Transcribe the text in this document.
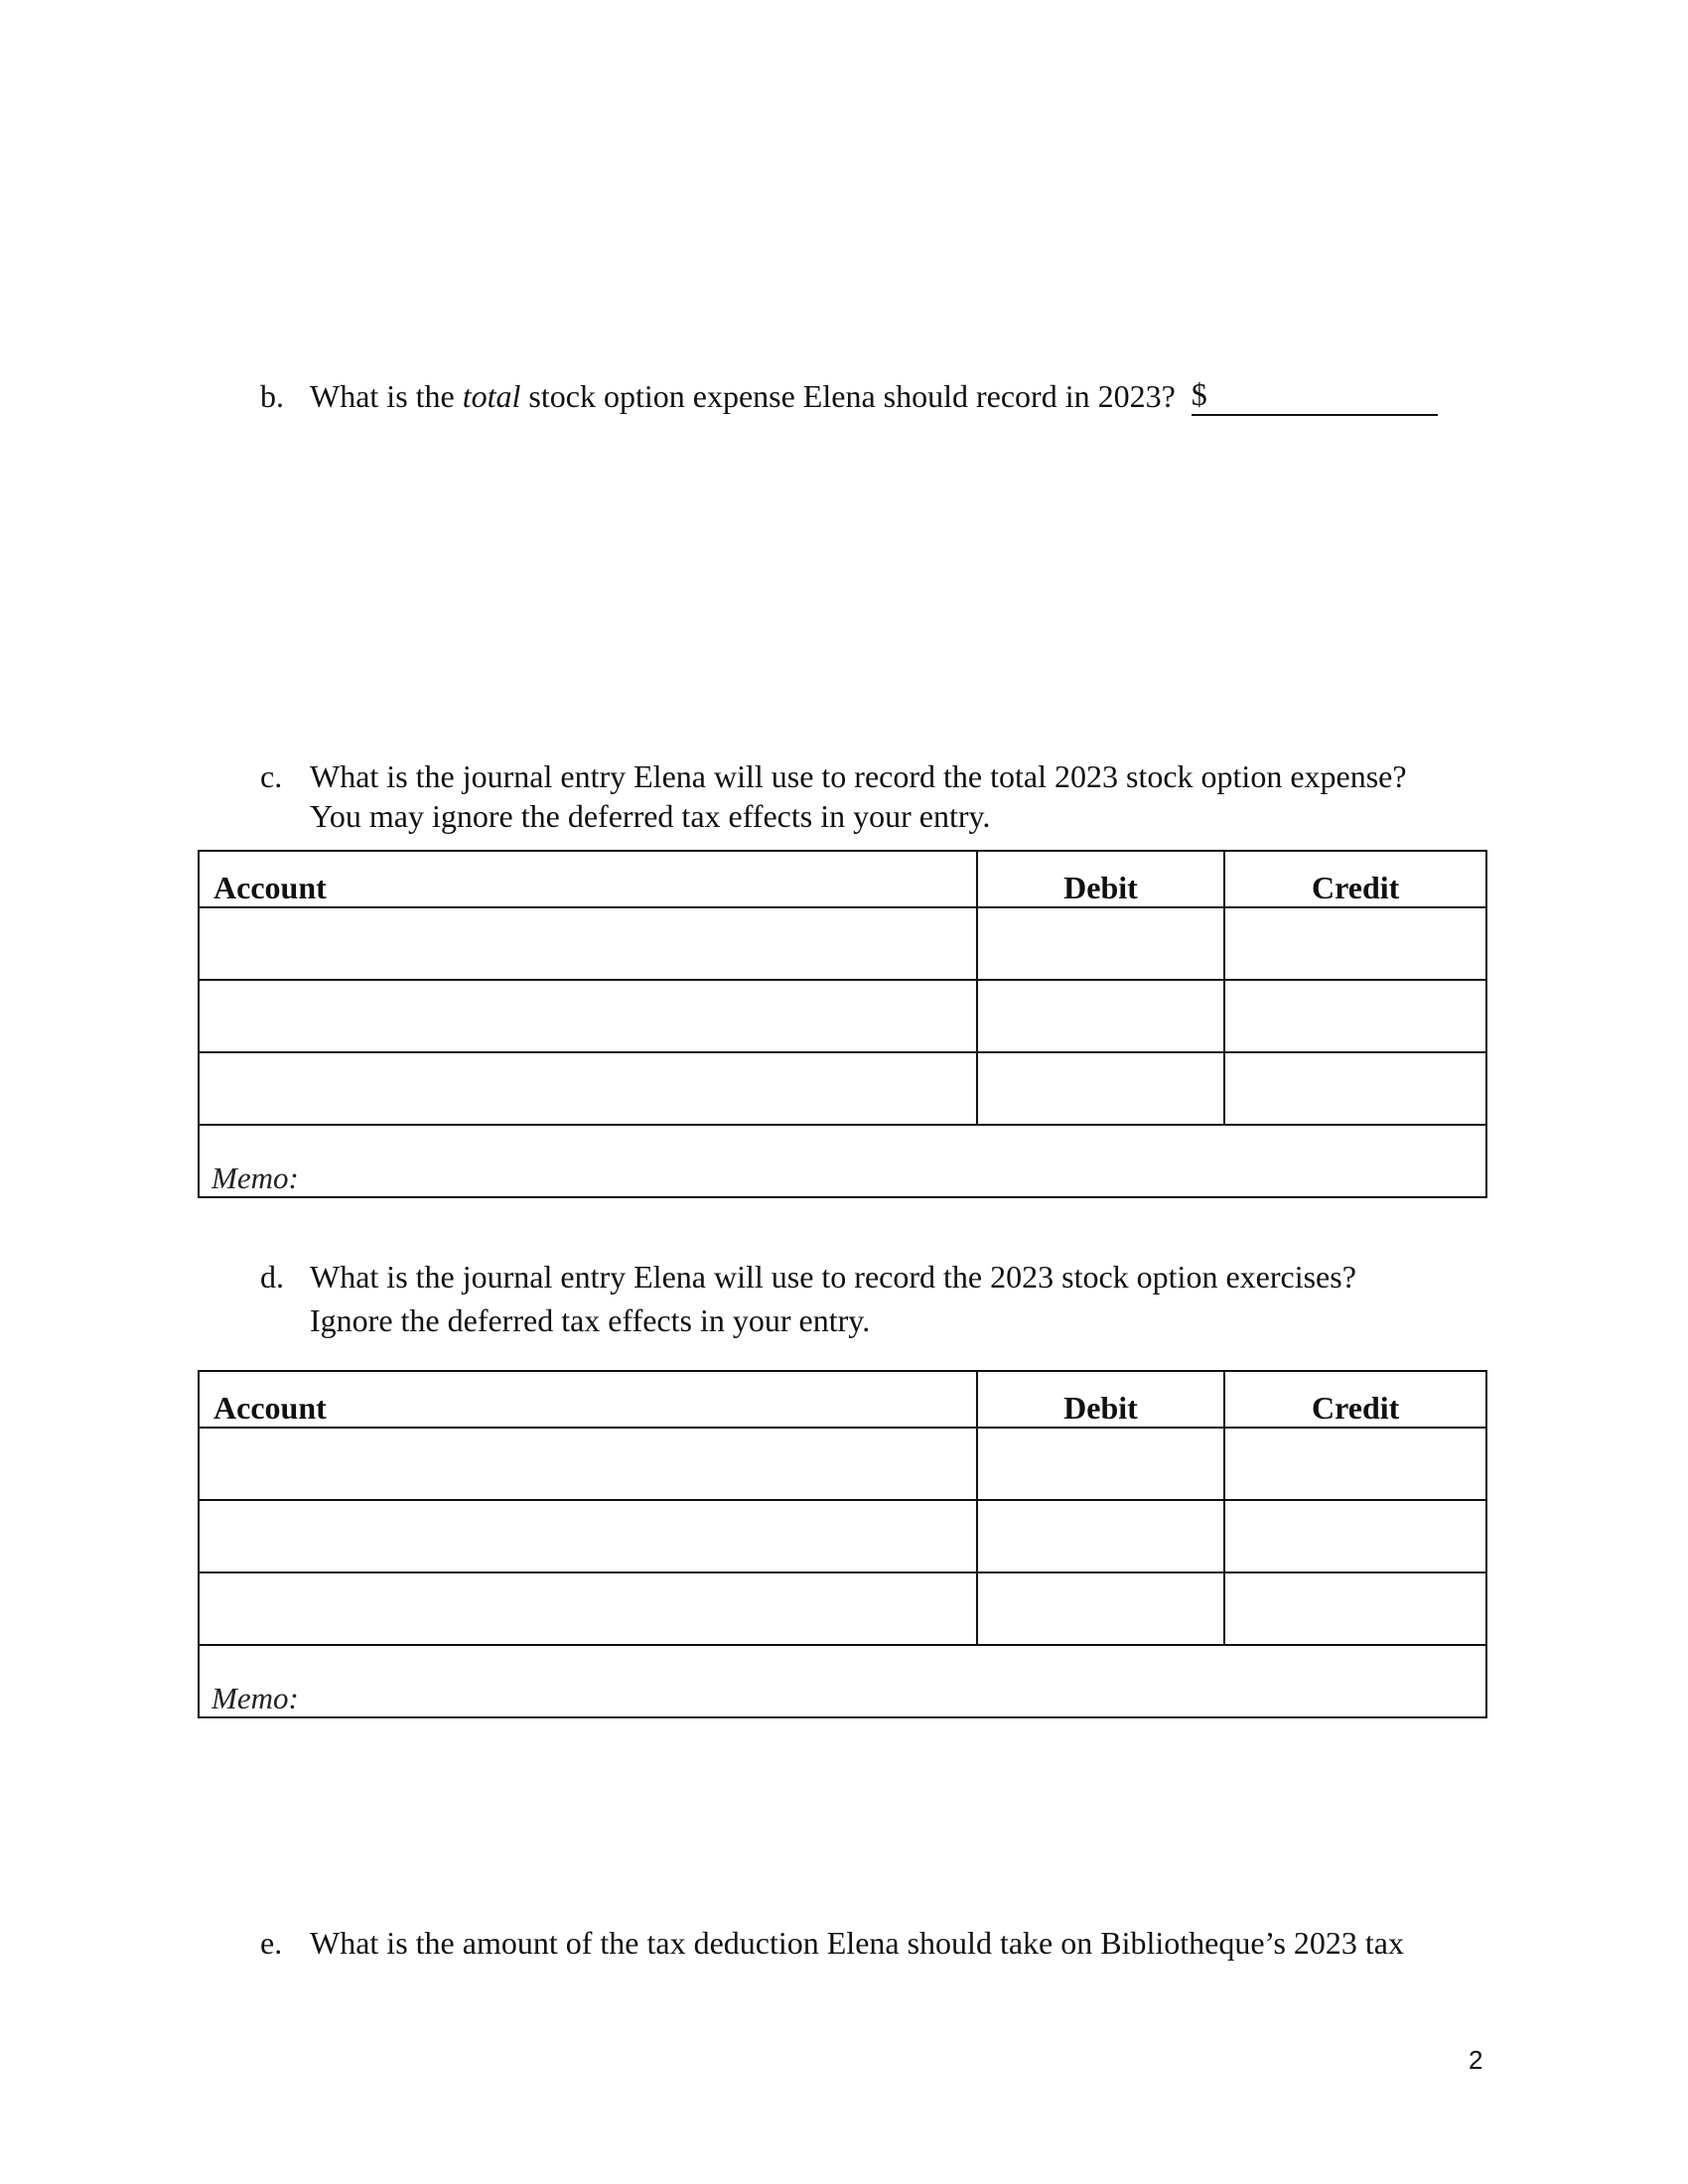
b. What is the total stock option expense Elena should record in 2023? $
c. What is the journal entry Elena will use to record the total 2023 stock option expense?
You may ignore the deferred tax effects in your entry.
Account	Debit	Credit

Memo:		
d. What is the journal entry Elena will use to record the 2023 stock option exercises?
Ignore the deferred tax effects in your entry.
Account	Debit	Credit

Memo:		
e. What is the amount of the tax deduction Elena should take on Bibliotheque’s 2023 tax
2
